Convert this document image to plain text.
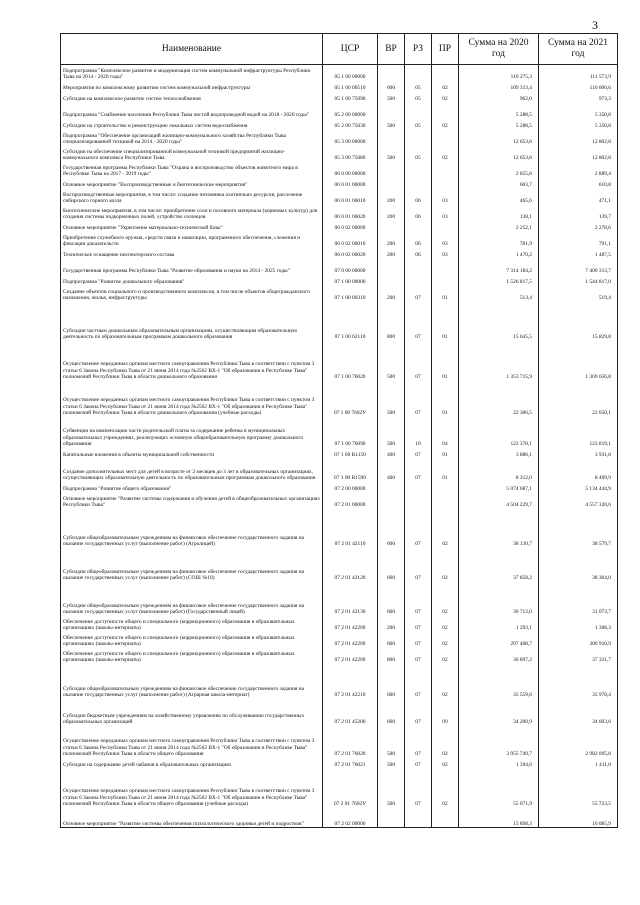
3
Наименование	ЦСР	ВР	РЗ	ПР	Сумма на 2020 год	Сумма на 2021 год
Подпрограмма "Комплексное развитие и модернизация систем коммунальной инфраструктуры Республики Тыва на 2014 - 2020 годы"	05 1 00 00000				110 275,3	111 573,9
Мероприятия по комплексному развитию систем коммунальной инфраструктуры	05 1 00 00510	600	05	02	109 313,4	110 600,6
Субсидии на комплексное развитие систем теплоснабжения	05 1 00 75090	500	05	02	962,0	973,3
Подпрограмма "Снабжение населения Республики Тыва чистой водопроводной водой на 2018 - 2020 годы"	05 2 00 00000				5 288,5	5 350,8
Субсидии на строительство и реконструкцию локальных систем водоснабжения	05 2 00 75030	500	05	02	5 288,5	5 350,8
Подпрограмма "Обеспечение организаций жилищно-коммунального хозяйства Республики Тыва специализированной техникой на 2014 - 2020 годы"	05 3 00 00000				12 653,8	12 802,8
Субсидии на обеспечение специализированной коммунальной техникой предприятий жилищно-коммунального комплекса Республики Тыва	05 3 00 75080	500	05	02	12 653,8	12 802,8
Государственная программа Республики Тыва "Охрана и воспроизводство объектов животного мира в Республике Тыва на 2017 - 2019 годы"	06 0 00 00000				2 855,8	2 889,4
Основное мероприятие "Воспроизводственные и биотехнические мероприятия"	06 0 01 00000				603,7	610,8
Воспроизводственные мероприятия, в том числе: создание питомника охотничьих ресурсов, расселение сибирского горного козла	06 0 01 06010	200	06	03	465,6	471,1
Биотехнические мероприятия, в том числе: приобретение соли и посевного материала (кормовых культур) для создания системы подкормочных полей, устройство солонцов	06 0 01 06020	200	06	03	138,1	139,7
Основное мероприятие "Укрепление материально-технической базы"	06 0 02 00000				2 252,1	2 278,6
Приобретение служебного оружия, средств связи и навигации, программного обеспечения, слежения и фиксации доказательств	06 0 02 06010	200	06	03	781,9	791,1
Техническое оснащение инспекторского состава	06 0 02 06020	200	06	03	1 470,2	1 487,5
Государственная программа Республики Тыва "Развитие образования и науки на 2014 - 2025 годы"	07 0 00 00000				7 314 184,2	7 400 313,7
Подпрограмма "Развитие дошкольного образования"	07 1 00 00000				1 526 817,5	1 544 817,0
Создание объектов социального и производственного комплексов, в том числе объектов общегражданского назначения, жилья, инфраструктуры	07 1 00 00310	200	07	01	513,4	519,4
Субсидии частным дошкольным образовательным организациям, осуществляющим образовательную деятельность по образовательным программам дошкольного образования	07 1 00 62110	800	07	01	15 645,5	15 829,8
Осуществление переданных органам местного самоуправления Республики Тыва в соответствии с пунктом 3 статьи 6 Закона Республики Тыва от 21 июня 2014 года №2562 ВХ-1 "Об образовании в Республике Тыва" полномочий Республики Тыва в области дошкольного образования	07 1 00 76020	500	07	01	1 353 715,9	1 369 656,8
Осуществление переданных органам местного самоуправления Республики Тыва в соответствии с пунктом 3 статьи 6 Закона Республики Тыва от 21 июня 2014 года №2562 ВХ-1 "Об образовании в Республике Тыва" полномочий Республики Тыва в области дошкольного образования (учебные расходы)	07 1 00 7602У	500	07	01	22 386,5	22 650,1
Субвенции на компенсацию части родительской платы за содержание ребенка в муниципальных образовательных учреждениях, реализующих основную общеобразовательную программу дошкольного образования	07 1 00 76090	500	10	04	122 378,1	123 819,1
Капитальные вложения в объекты муниципальной собственности	07 1 00 R1150	400	07	01	3 886,1	3 931,8
Создание дополнительных мест для детей в возрасте от 2 месяцев до 3 лет в образовательных организациях, осуществляющих образовательную деятельность по образовательным программам дошкольного образования	07 1 00 R1590	400	07	01	8 312,0	8 409,9
Подпрограмма "Развитие общего образования"	07 2 00 00000				5 074 687,1	5 134 444,9
Основное мероприятие "Развитие системы содержания и обучения детей в общеобразовательных организациях Республики Тыва"	07 2 01 00000				4 504 229,7	4 557 320,6
Субсидии общеобразовательным учреждениям на финансовое обеспечение государственного задания на оказание государственных услуг (выполнение работ) (Агролицей)	07 2 01 42110	600	07	02	38 130,7	38 579,7
Субсидии общеобразовательным учреждениям на финансовое обеспечение государственного задания на оказание государственных услуг (выполнение работ) (СОШ №10)	07 2 01 42120	600	07	02	37 858,2	38 304,0
Субсидии общеобразовательным учреждениям на финансовое обеспечение государственного задания на оказание государственных услуг (выполнение работ) (Государственный лицей)	07 2 01 42130	600	07	02	30 712,0	31 073,7
Обеспечение доступности общего и специального (коррекционного) образования в образовательных организациях (школы-интернаты)	07 2 01 42200	200	07	02	1 293,1	1 308,3
Обеспечение доступности общего и специального (коррекционного) образования в образовательных организациях (школы-интернаты)	07 2 01 42200	600	07	02	297 408,7	300 910,9
Обеспечение доступности общего и специального (коррекционного) образования в образовательных организациях (школы-интернаты)	07 2 01 42200	800	07	02	36 897,2	37 331,7
Субсидии общеобразовательным учреждениям на финансовое обеспечение государственного задания на оказание государственных услуг (выполнение работ) (Аграрная школа-интернат)	07 2 01 42210	600	07	02	35 559,6	35 978,4
Субсидии бюджетным учреждениям на хозяйственному управлению по обслуживанию государственных образовательных организаций	07 2 01 45200	600	07	09	34 200,9	34 603,6
Осуществление переданных органам местного самоуправления Республики Тыва в соответствии с пунктом 3 статьи 6 Закона Республики Тыва от 21 июня 2014 года №2562 ВХ-1 "Об образовании в Республике Тыва" полномочий Республики Тыва в области общего образования	07 2 01 76020	500	07	02	3 955 749,7	2 982 095,8
Субсидии на содержание детей чабанов в образовательных организациях	07 2 01 76021	500	07	02	1 394,6	1 411,0
Осуществление переданных органам местного самоуправления Республики Тыва в соответствии с пунктом 3 статьи 6 Закона Республики Тыва от 21 июня 2014 года №2562 ВХ-1 "Об образовании в Республике Тыва" полномочий Республики Тыва в области общего образования (учебные расходы)	07 2 01 7602У	500	07	02	55 071,9	55 723,5
Основное мероприятие "Развитие системы обеспечения психологического здоровья детей и подростков"	07 2 02 00000				15 898,3	16 085,9
